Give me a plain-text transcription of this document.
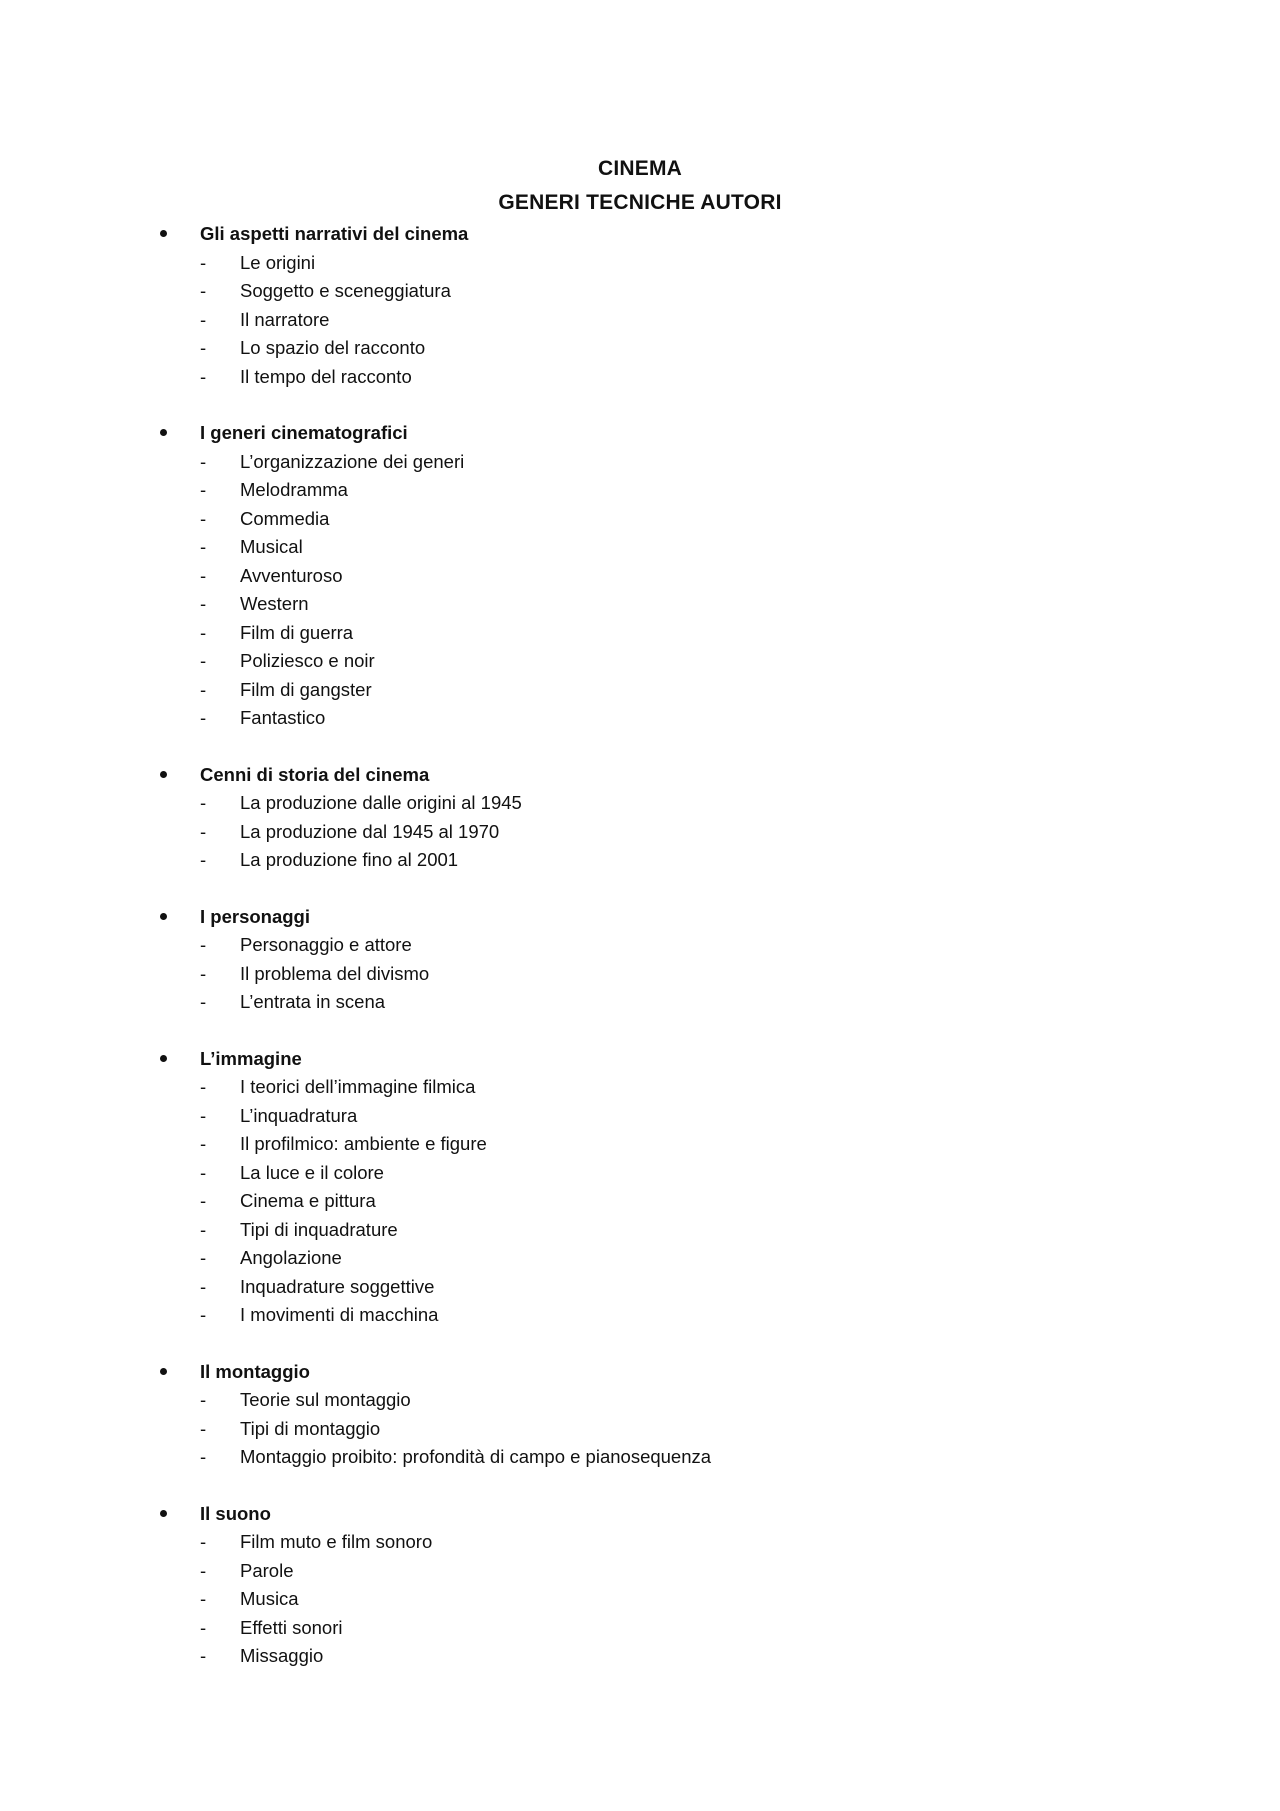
CINEMA
GENERI TECNICHE AUTORI
Gli aspetti narrativi del cinema
-	Le origini
-	Soggetto e sceneggiatura
-	Il narratore
-	Lo spazio del racconto
-	Il tempo del racconto
I generi cinematografici
-	L’organizzazione dei generi
-	Melodramma
-	Commedia
-	Musical
-	Avventuroso
-	Western
-	Film di guerra
-	Poliziesco e noir
-	Film di gangster
-	Fantastico
Cenni di storia del cinema
-	La produzione dalle origini al 1945
-	La produzione dal 1945 al 1970
-	La produzione fino al 2001
I personaggi
-	Personaggio e attore
-	Il problema del divismo
-	L’entrata in scena
L’immagine
-	I teorici dell’immagine filmica
-	L’inquadratura
-	Il profilmico: ambiente e figure
-	La luce e il colore
-	Cinema e pittura
-	Tipi di inquadrature
-	Angolazione
-	Inquadrature soggettive
-	I movimenti di macchina
Il montaggio
-	Teorie sul montaggio
-	Tipi di montaggio
-	Montaggio proibito: profondità di campo e pianosequenza
Il suono
-	Film muto e film sonoro
-	Parole
-	Musica
-	Effetti sonori
-	Missaggio
